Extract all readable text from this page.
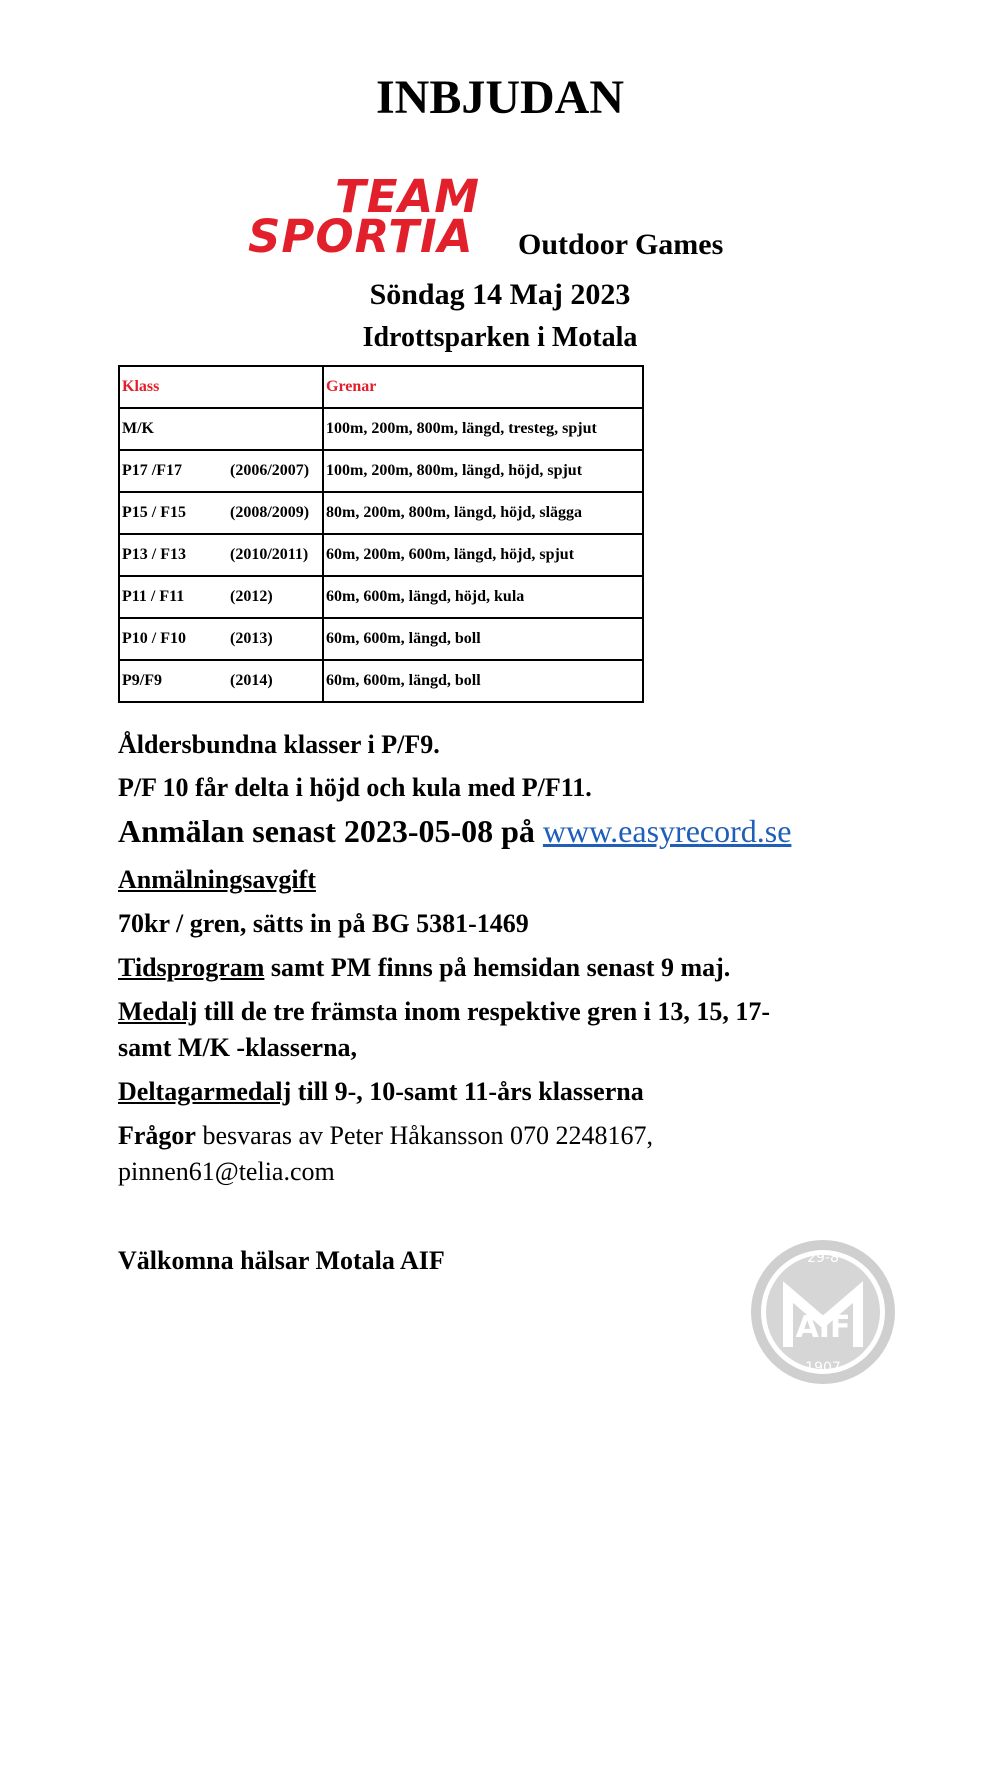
INBJUDAN
TEAM
SPORTIA Outdoor Games
Söndag 14 Maj 2023
Idrottsparken i Motala
Klass	Grenar
M/K	100m, 200m, 800m, längd, tresteg, spjut
P17 /F17 (2006/2007)	100m, 200m, 800m, längd, höjd, spjut
P15 / F15 (2008/2009)	80m, 200m, 800m, längd, höjd, slägga
P13 / F13 (2010/2011)	60m, 200m, 600m, längd, höjd, spjut
P11 / F11 (2012)	60m, 600m, längd, höjd, kula
P10 / F10 (2013)	60m, 600m, längd, boll
P9/F9 (2014)	60m, 600m, längd, boll
Åldersbundna klasser i P/F9.
P/F 10 får delta i höjd och kula med P/F11.
Anmälan senast 2023-05-08 på www.easyrecord.se
Anmälningsavgift
70kr / gren, sätts in på BG 5381-1469
Tidsprogram samt PM finns på hemsidan senast 9 maj.
Medalj till de tre främsta inom respektive gren i 13, 15, 17-
samt M/K -klasserna,
Deltagarmedalj till 9-, 10-samt 11-års klasserna
Frågor besvaras av Peter Håkansson 070 2248167,
pinnen61@telia.com
Välkomna hälsar Motala AIF
AIF
29-8
1907
